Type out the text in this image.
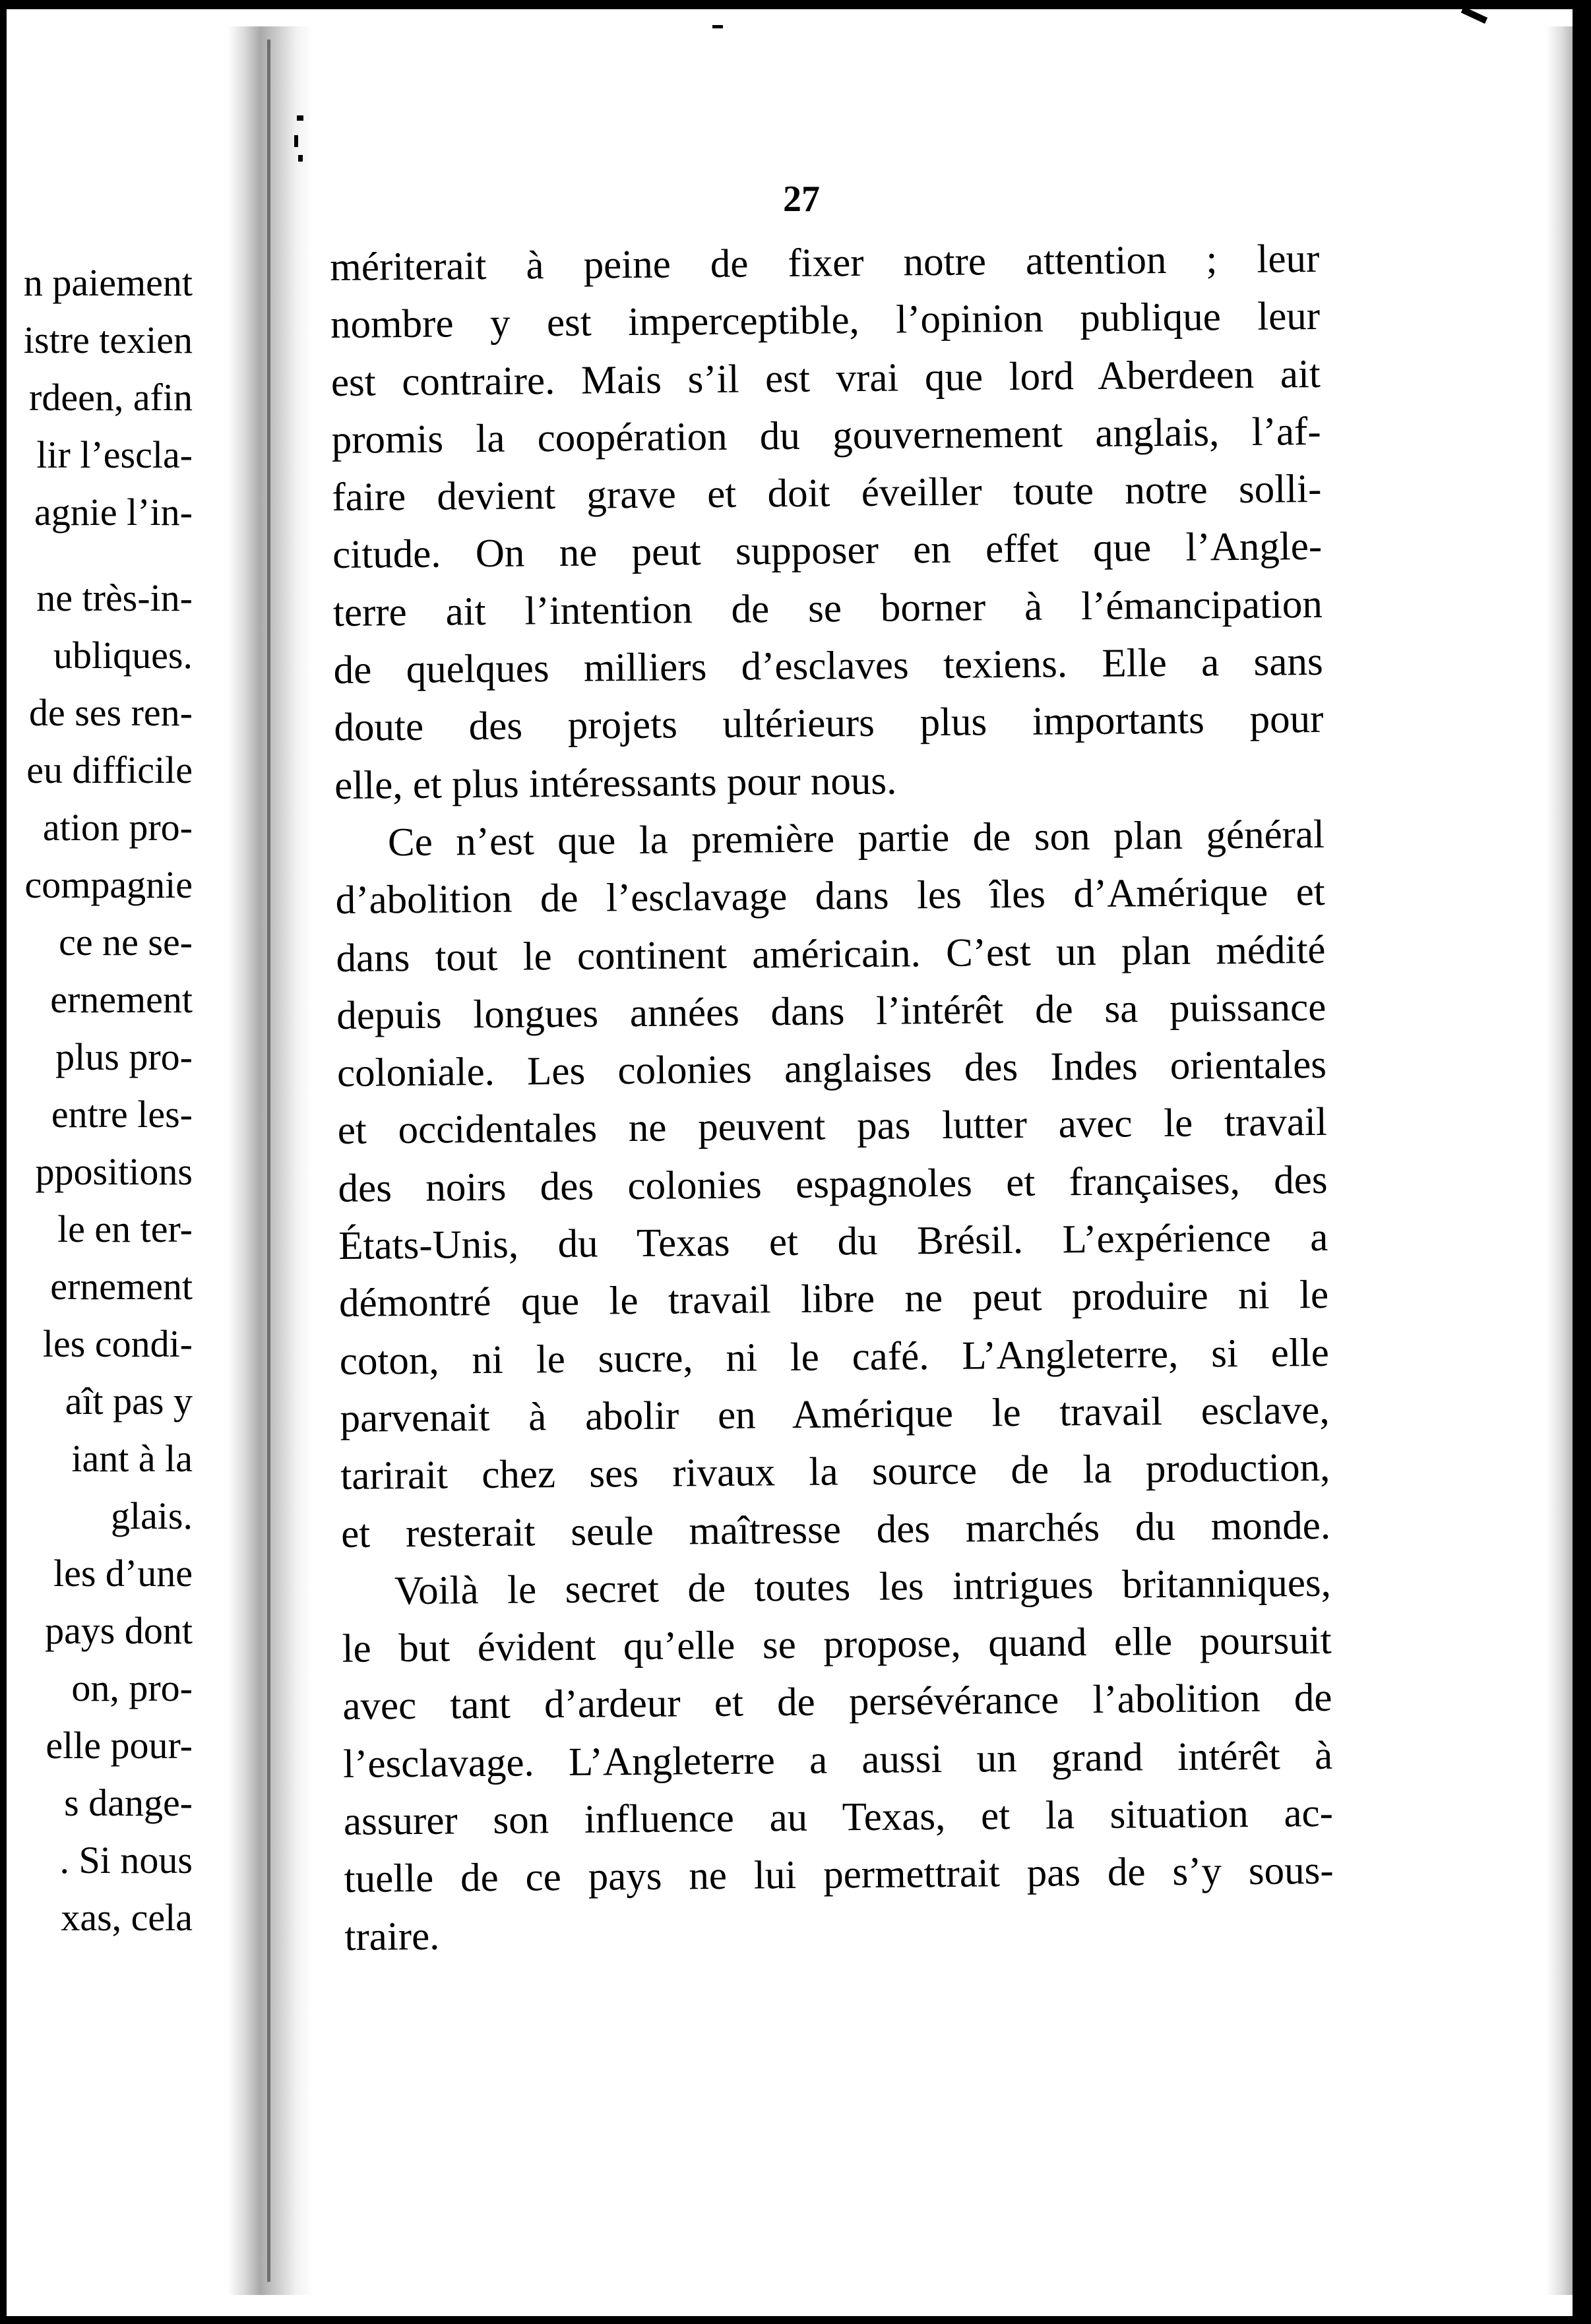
n paiement
istre texien
rdeen, afin
lir l’escla-
agnie l’in-
ne très-in-
ubliques.
de ses ren-
eu difficile
ation pro-
compagnie
ce ne se-
ernement
plus pro-
entre les-
ppositions
le en ter-
ernement
les condi-
aît pas y
iant à la
glais.
les d’une
pays dont
on, pro-
elle pour-
s dange-
. Si nous
xas, cela
27
mériterait à peine de fixer notre attention ; leur
nombre y est imperceptible, l’opinion publique leur
est contraire. Mais s’il est vrai que lord Aberdeen ait
promis la coopération du gouvernement anglais, l’af-
faire devient grave et doit éveiller toute notre solli-
citude. On ne peut supposer en effet que l’Angle-
terre ait l’intention de se borner à l’émancipation
de quelques milliers d’esclaves texiens. Elle a sans
doute des projets ultérieurs plus importants pour
elle, et plus intéressants pour nous.
Ce n’est que la première partie de son plan général
d’abolition de l’esclavage dans les îles d’Amérique et
dans tout le continent américain. C’est un plan médité
depuis longues années dans l’intérêt de sa puissance
coloniale. Les colonies anglaises des Indes orientales
et occidentales ne peuvent pas lutter avec le travail
des noirs des colonies espagnoles et françaises, des
États-Unis, du Texas et du Brésil. L’expérience a
démontré que le travail libre ne peut produire ni le
coton, ni le sucre, ni le café. L’Angleterre, si elle
parvenait à abolir en Amérique le travail esclave,
tarirait chez ses rivaux la source de la production,
et resterait seule maîtresse des marchés du monde.
Voilà le secret de toutes les intrigues britanniques,
le but évident qu’elle se propose, quand elle poursuit
avec tant d’ardeur et de persévérance l’abolition de
l’esclavage. L’Angleterre a aussi un grand intérêt à
assurer son influence au Texas, et la situation ac-
tuelle de ce pays ne lui permettrait pas de s’y sous-
traire.
